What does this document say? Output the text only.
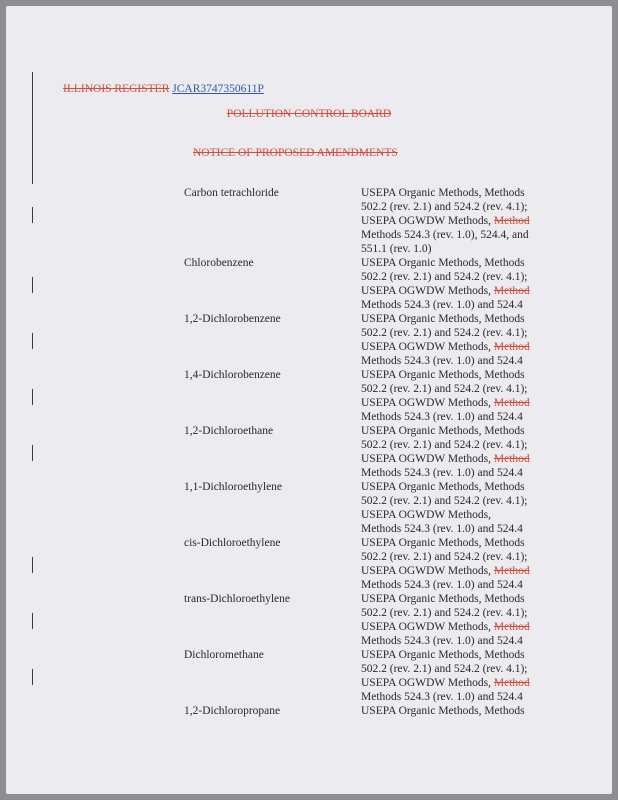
ILLINOIS REGISTER JCAR3747350611P
POLLUTION CONTROL BOARD
NOTICE OF PROPOSED AMENDMENTS
Carbon tetrachloride	USEPA Organic Methods, Methods
502.2 (rev. 2.1) and 524.2 (rev. 4.1);
USEPA OGWDW Methods, Method
Methods 524.3 (rev. 1.0), 524.4, and
551.1 (rev. 1.0)
Chlorobenzene	USEPA Organic Methods, Methods
502.2 (rev. 2.1) and 524.2 (rev. 4.1);
USEPA OGWDW Methods, Method
Methods 524.3 (rev. 1.0) and 524.4
1,2-Dichlorobenzene	USEPA Organic Methods, Methods
502.2 (rev. 2.1) and 524.2 (rev. 4.1);
USEPA OGWDW Methods, Method
Methods 524.3 (rev. 1.0) and 524.4
1,4-Dichlorobenzene	USEPA Organic Methods, Methods
502.2 (rev. 2.1) and 524.2 (rev. 4.1);
USEPA OGWDW Methods, Method
Methods 524.3 (rev. 1.0) and 524.4
1,2-Dichloroethane	USEPA Organic Methods, Methods
502.2 (rev. 2.1) and 524.2 (rev. 4.1);
USEPA OGWDW Methods, Method
Methods 524.3 (rev. 1.0) and 524.4
1,1-Dichloroethylene	USEPA Organic Methods, Methods
502.2 (rev. 2.1) and 524.2 (rev. 4.1);
USEPA OGWDW Methods,
Methods 524.3 (rev. 1.0) and 524.4
cis-Dichloroethylene	USEPA Organic Methods, Methods
502.2 (rev. 2.1) and 524.2 (rev. 4.1);
USEPA OGWDW Methods, Method
Methods 524.3 (rev. 1.0) and 524.4
trans-Dichloroethylene	USEPA Organic Methods, Methods
502.2 (rev. 2.1) and 524.2 (rev. 4.1);
USEPA OGWDW Methods, Method
Methods 524.3 (rev. 1.0) and 524.4
Dichloromethane	USEPA Organic Methods, Methods
502.2 (rev. 2.1) and 524.2 (rev. 4.1);
USEPA OGWDW Methods, Method
Methods 524.3 (rev. 1.0) and 524.4
1,2-Dichloropropane	USEPA Organic Methods, Methods
